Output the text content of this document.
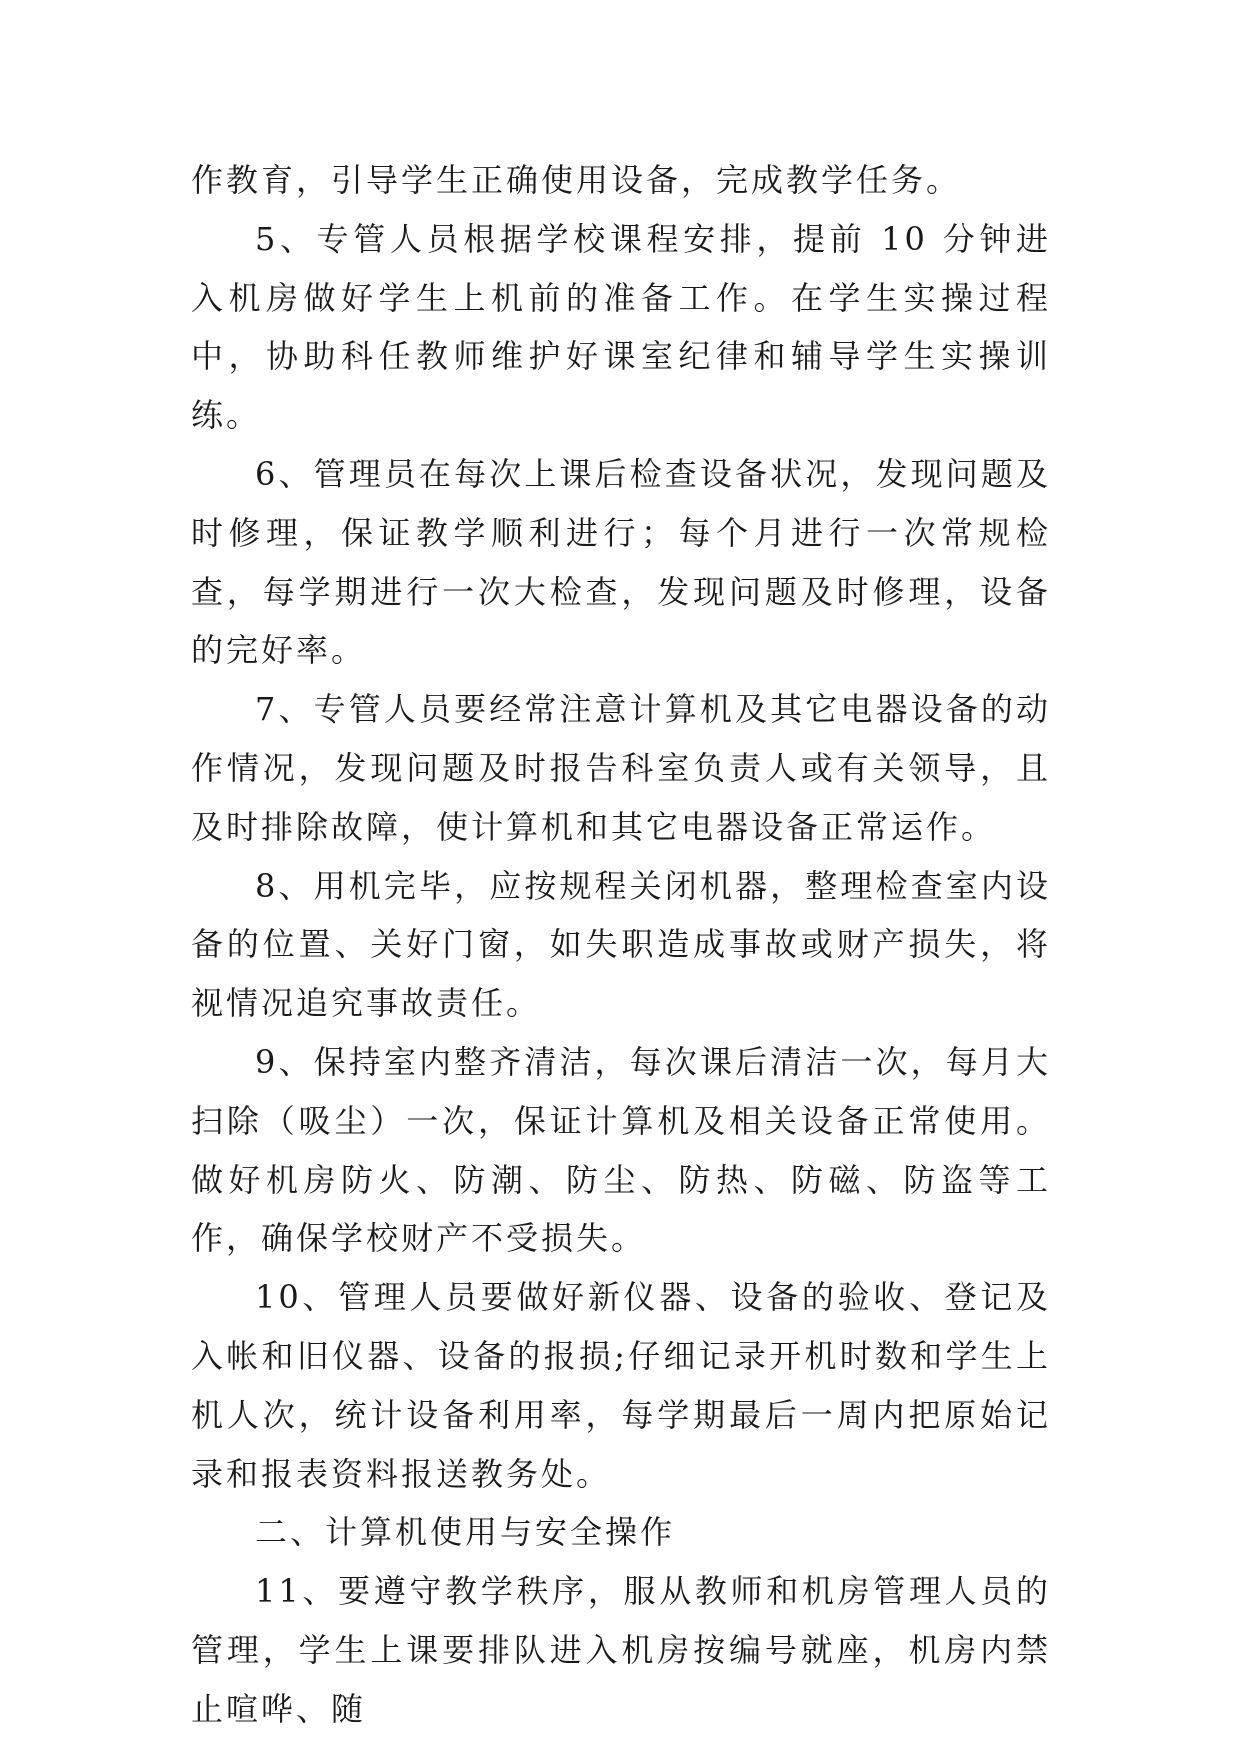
作教育，引导学生正确使用设备，完成教学任务。

5、专管人员根据学校课程安排，提前 10 分钟进入机房做好学生上机前的准备工作。在学生实操过程中，协助科任教师维护好课室纪律和辅导学生实操训练。

6、管理员在每次上课后检查设备状况，发现问题及时修理，保证教学顺利进行；每个月进行一次常规检查，每学期进行一次大检查，发现问题及时修理，设备的完好率。

7、专管人员要经常注意计算机及其它电器设备的动作情况，发现问题及时报告科室负责人或有关领导，且及时排除故障，使计算机和其它电器设备正常运作。

8、用机完毕，应按规程关闭机器，整理检查室内设备的位置、关好门窗，如失职造成事故或财产损失，将视情况追究事故责任。

9、保持室内整齐清洁，每次课后清洁一次，每月大扫除（吸尘）一次，保证计算机及相关设备正常使用。做好机房防火、防潮、防尘、防热、防磁、防盗等工作，确保学校财产不受损失。

10、管理人员要做好新仪器、设备的验收、登记及入帐和旧仪器、设备的报损;仔细记录开机时数和学生上机人次，统计设备利用率，每学期最后一周内把原始记录和报表资料报送教务处。

二、计算机使用与安全操作

11、要遵守教学秩序，服从教师和机房管理人员的管理，学生上课要排队进入机房按编号就座，机房内禁止喧哗、随
